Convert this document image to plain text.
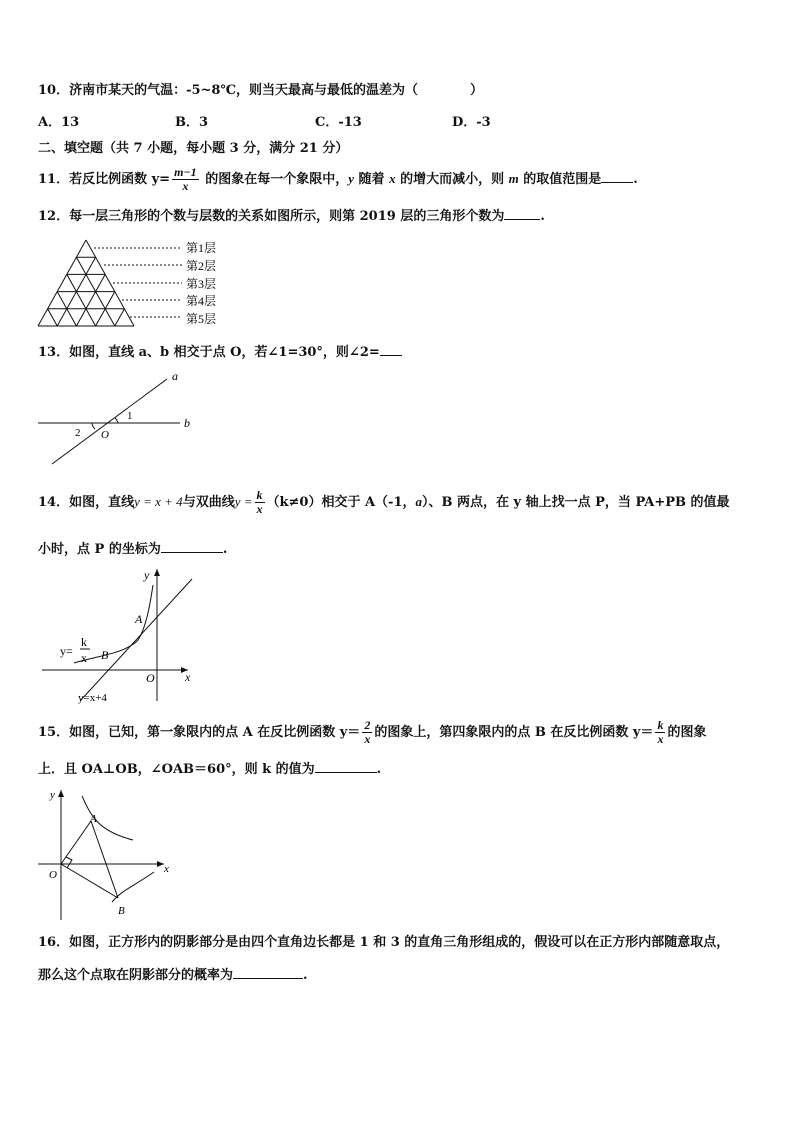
10．济南市某天的气温：-5~8℃，则当天最高与最低的温差为（　　　　）
A．13	B．3	C．-13	D．-3
二、填空题（共 7 小题，每小题 3 分，满分 21 分）
11．若反比例函数 $y= \frac{m-1}{x}$ 的图象在每一个象限中，y 随着 x 的增大而减小，则 m 的取值范围是 .
12．每一层三角形的个数与层数的关系如图所示，则第 2019 层的三角形个数为	.
第1层
第2层
第3层
第4层
第5层
13．如图，直线 a、b 相交于点 O，若∠1=30°，则∠2=
a
b
1
2 O
14．如图，直线y = x + 4与双曲线$y = \frac{k}{x} (k\ne 0)$相交于 A（-1，a）、B 两点，在 y 轴上找一点 P，当 PA+PB 的值最
小时，点 P 的坐标为	.
y
x
O
A
B
y=
k
x
y=x+4
15．如图，已知，第一象限内的点 A 在反比例函数 $y= \frac{2}{x}$ 的图象上，第四象限内的点 B 在反比例函数 $y= \frac{k}{x}$ 的图象
上．且 OA⊥OB，∠OAB＝60°，则 k 的值为	.
y
x
O
A
B
16．如图，正方形内的阴影部分是由四个直角边长都是 1 和 3 的直角三角形组成的，假设可以在正方形内部随意取点，
那么这个点取在阴影部分的概率为	.
